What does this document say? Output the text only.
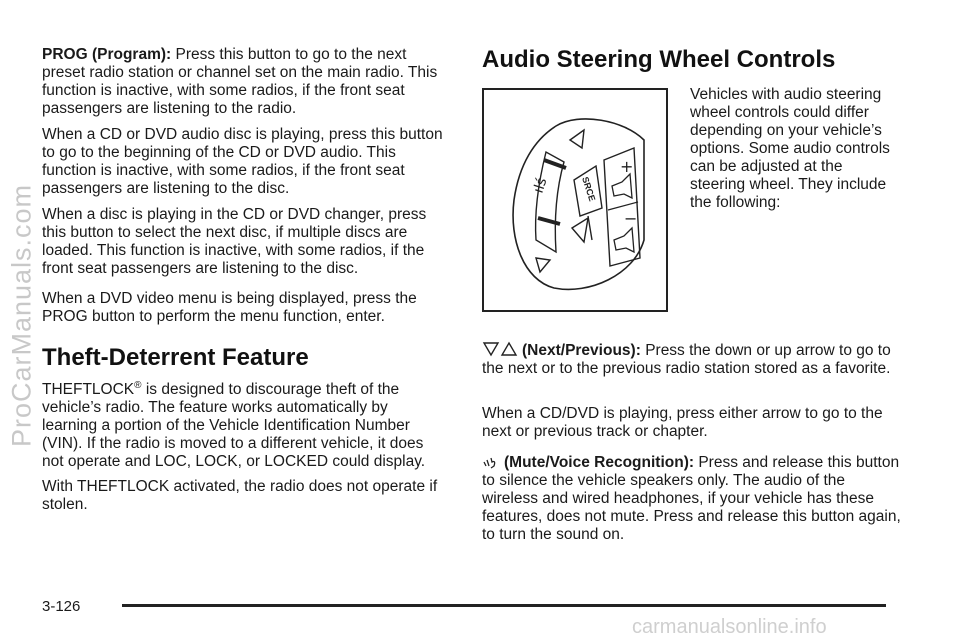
PROG (Program): Press this button to go to the next preset radio station or channel set on the main radio. This function is inactive, with some radios, if the front seat passengers are listening to the radio.

When a CD or DVD audio disc is playing, press this button to go to the beginning of the CD or DVD audio. This function is inactive, with some radios, if the front seat passengers are listening to the disc.

When a disc is playing in the CD or DVD changer, press this button to select the next disc, if multiple discs are loaded. This function is inactive, with some radios, if the front seat passengers are listening to the disc.

When a DVD video menu is being displayed, press the PROG button to perform the menu function, enter.

Theft-Deterrent Feature

THEFTLOCK® is designed to discourage theft of the vehicle’s radio. The feature works automatically by learning a portion of the Vehicle Identification Number (VIN). If the radio is moved to a different vehicle, it does not operate and LOC, LOCK, or LOCKED could display.

With THEFTLOCK activated, the radio does not operate if stolen.

Audio Steering Wheel Controls
ılś	SRCE
+
−

Vehicles with audio steering wheel controls could differ depending on your vehicle’s options. Some audio controls can be adjusted at the steering wheel. They include the following:

(Next/Previous): Press the down or up arrow to go to the next or to the previous radio station stored as a favorite.

When a CD/DVD is playing, press either arrow to go to the next or previous track or chapter.

(Mute/Voice Recognition): Press and release this button to silence the vehicle speakers only. The audio of the wireless and wired headphones, if your vehicle has these features, does not mute. Press and release this button again, to turn the sound on.

3-126
ProCarManuals.com
carmanualsonline.info
